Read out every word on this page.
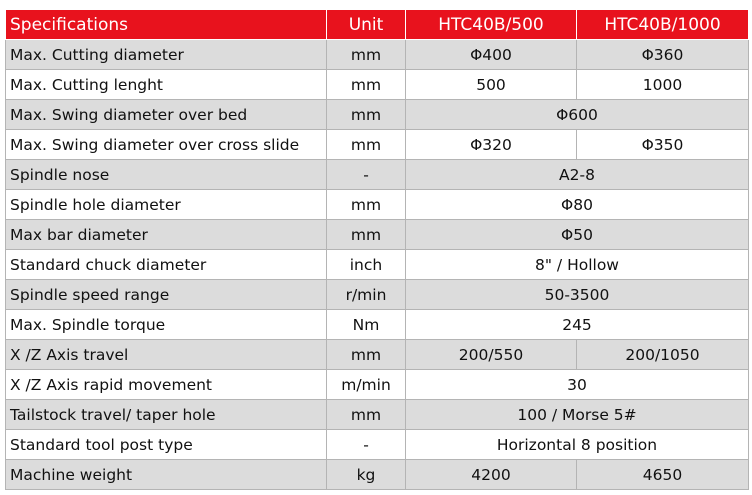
Specifications	Unit	HTC40B/500	HTC40B/1000
Max. Cutting diameter	mm	Φ400	Φ360
Max. Cutting lenght	mm	500	1000
Max. Swing diameter over bed	mm	Φ600	
Max. Swing diameter over cross slide	mm	Φ320	Φ350
Spindle nose	-	A2-8	
Spindle hole diameter	mm	Φ80	
Max bar diameter	mm	Φ50	
Standard chuck diameter	inch	8" / Hollow	
Spindle speed range	r/min	50-3500	
Max. Spindle torque	Nm	245	
X /Z Axis travel	mm	200/550	200/1050
X /Z Axis rapid movement	m/min	30	
Tailstock travel/ taper hole	mm	100 / Morse 5#	
Standard tool post type	-	Horizontal 8 position	
Machine weight	kg	4200	4650
